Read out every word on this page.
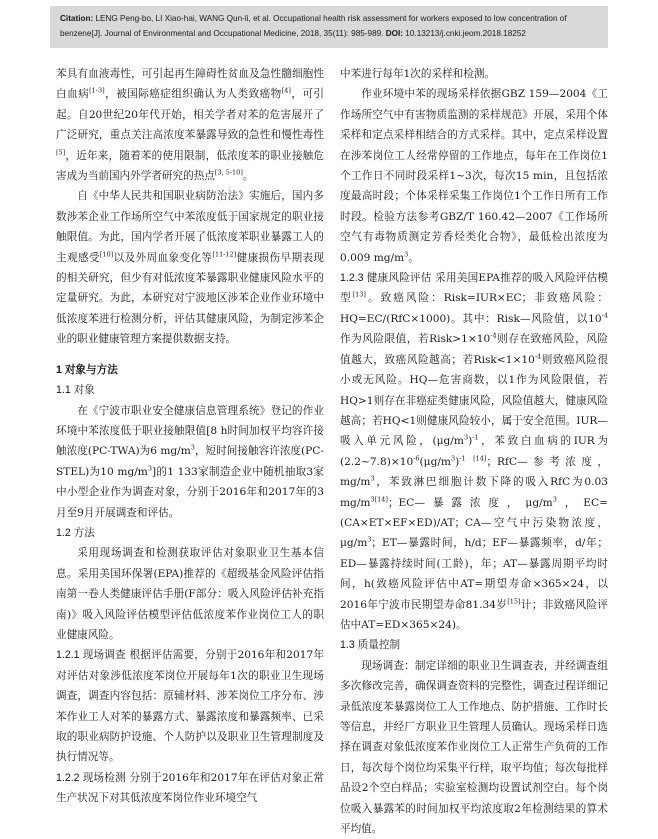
Citation: LENG Peng-bo, LI Xiao-hai, WANG Qun-li, et al. Occupational health risk assessment for workers exposed to low concentration of benzene[J]. Journal of Environmental and Occupational Medicine, 2018, 35(11): 985-989. DOI: 10.13213/j.cnki.jeom.2018.18252

苯具有血液毒性，可引起再生障碍性贫血及急性髓细胞性白血病[1-3]，被国际癌症组织确认为人类致癌物[4]，可引起。自20世纪20年代开始，相关学者对苯的危害展开了广泛研究，重点关注高浓度苯暴露导致的急性和慢性毒性[5]，近年来，随着苯的使用限制，低浓度苯的职业接触危害成为当前国内外学者研究的热点[3, 5-10]。

自《中华人民共和国职业病防治法》实施后，国内多数涉苯企业工作场所空气中苯浓度低于国家规定的职业接触限值。为此，国内学者开展了低浓度苯职业暴露工人的主观感受[10]以及外周血象变化等[11-12]健康损伤早期表现的相关研究，但少有对低浓度苯暴露职业健康风险水平的定量研究。为此，本研究对宁波地区涉苯企业作业环境中低浓度苯进行检测分析，评估其健康风险，为制定涉苯企业的职业健康管理方案提供数据支持。

1 对象与方法

1.1 对象

在《宁波市职业安全健康信息管理系统》登记的作业环境中苯浓度低于职业接触限值[8 h时间加权平均容许接触浓度(PC-TWA)为6 $mg/m^3$，短时间接触容许浓度(PC-STEL)为10 $mg/m^3$]的1 133家制造企业中随机抽取3家中小型企业作为调查对象，分别于2016年和2017年的3月至9月开展调查和评估。

1.2 方法

采用现场调查和检测获取评估对象职业卫生基本信息。采用美国环保署(EPA)推荐的《超级基金风险评估指南第一卷人类健康评估手册(F部分：吸入风险评估补充指南)》吸入风险评估模型评估低浓度苯作业岗位工人的职业健康风险。

1.2.1 现场调查 根据评估需要，分别于2016年和2017年对评估对象涉低浓度苯岗位开展每年1次的职业卫生现场调查，调查内容包括：原辅材料、涉苯岗位工序分布、涉苯作业工人对苯的暴露方式、暴露浓度和暴露频率、已采取的职业病防护设施、个人防护以及职业卫生管理制度及执行情况等。

1.2.2 现场检测 分别于2016年和2017年在评估对象正常生产状况下对其低浓度苯岗位作业环境空气

中苯进行每年1次的采样和检测。

作业环境中苯的现场采样依据GBZ 159—2004《工作场所空气中有害物质监测的采样规范》开展，采用个体采样和定点采样相结合的方式采样。其中，定点采样设置在涉苯岗位工人经常停留的工作地点，每年在工作岗位1个工作日不同时段采样1~3次，每次15 min，且包括浓度最高时段；个体采样采集工作岗位1个工作日所有工作时段。检验方法参考GBZ/T 160.42—2007《工作场所空气有毒物质测定芳香烃类化合物》，最低检出浓度为0.009 $mg/m^3$。

1.2.3 健康风险评估 采用美国EPA推荐的吸入风险评估模型[13]。致癌风险：Risk=IUR×EC；非致癌风险：HQ=EC/(RfC×1000)。其中：Risk—风险值，以$10^{-4}$作为风险限值，若$Risk>1\times 10^{-4}$则存在致癌风险，风险值越大，致癌风险越高；若$Risk<1\times 10^{-4}$则致癌风险很小或无风险。HQ—危害商数，以1作为风险限值，若HQ>1则存在非癌症类健康风险，风险值越大，健康风险越高；若HQ<1则健康风险较小，属于安全范围。IUR—吸入单元风险，$(\mu g/m^3)^{-1}$，苯致白血病的IUR为$(2.2\sim 7.8)\times 10^{-6}(\mu g/m^3)^{-1 [14]}$；RfC—参考浓度，$mg/m^3$，苯致淋巴细胞计数下降的吸入RfC为0.03 $mg/m^{3[14]}$；EC—暴露浓度，$\mu g/m^3$，EC=(CA×ET×EF×ED)/AT；CA—空气中污染物浓度，$\mu g/m^3$；ET—暴露时间，h/d；EF—暴露频率，d/年；ED—暴露持续时间(工龄)，年；AT—暴露周期平均时间，h(致癌风险评估中AT=期望寿命×365×24，以2016年宁波市民期望寿命81.34岁[15]计；非致癌风险评估中AT=ED×365×24)。

1.3 质量控制

现场调查：制定详细的职业卫生调查表，并经调查组多次修改完善，确保调查资料的完整性，调查过程详细记录低浓度苯暴露岗位工人工作地点、防护措施、工作时长等信息，并经厂方职业卫生管理人员确认。现场采样日选择在调查对象低浓度苯作业岗位工人正常生产负荷的工作日，每次每个岗位均采集平行样，取平均值；每次每批样品设2个空白样品；实验室检测均设置试剂空白。每个岗位吸入暴露苯的时间加权平均浓度取2年检测结果的算术平均值。
